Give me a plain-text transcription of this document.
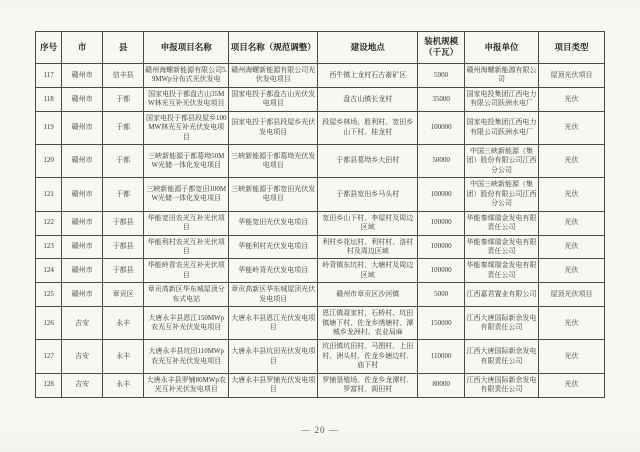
序号	市	县	申报项目名称	项目名称（规范调整）	建设地点	装机规模（千瓦）	申报单位	项目类型
117	赣州市	信丰县	赣州海螺新能源有限公司5.9MWp分布式光伏发电	赣州海螺新能源有限公司光伏发电项目	西牛镇上龙村石古嵛矿区	5900	赣州海螺新能源有限公司	屋顶光伏项目
118	赣州市	于都	国家电投于都盘古山35MW林光互补光伏发电项目	国家电投于都盘古山光伏发电项目	盘古山镇长龙村	35000	国家电投集团江西电力有限公司跃洲水电厂	光伏
119	赣州市	于都	国家电投于都县段屋乡100MW林光互补光伏发电项目	国家电投于都县段屋乡光伏发电项目	段屋乡林场、胜利村、宽田乡山下村、桂龙村	100000	国家电投集团江西电力有限公司跃洲水电厂	光伏
120	赣州市	于都	三峡新能源于都葛坳50MW光储一体化发电项目	三峡新能源于都葛坳光伏发电项目	于都县葛坳乡大田村	50000	中国三峡新能源（集团）股份有限公司江西分公司	光伏
121	赣州市	于都	三峡新能源于都宽田100MW光储一体化发电项目	三峡新能源于都宽田光伏发电项目	于都县宽田乡马头村	100000	中国三峡新能源（集团）股份有限公司江西分公司	光伏
122	赣州市	于都县	华能宽田农光互补光伏项目	华能宽田光伏发电项目	宽田乡山下村、李屋村及周边区域	100000	华能秦煤瑞金发电有限责任公司	光伏
123	赣州市	于都县	华能利村农光互补光伏项目	华能利村光伏发电项目	利村乡花坛村、利村村、洛村村及周边区域	100000	华能秦煤瑞金发电有限责任公司	光伏
124	赣州市	于都县	华能岭背农光互补光伏项目	华能岭背光伏发电项目	岭背镇东坑村、大塘村及周边区域	100000	华能秦煤瑞金发电有限责任公司	光伏
125	赣州市	章贡区	章贡高新区华东城屋顶分布式电站	章贡高新区华东城屋顶光伏发电项目	赣州市章贡区沙河镇	5000	江西嘉君置业有限公司	屋顶光伏项目
126	吉安	永丰	大唐永丰县恩江150MWp农光互补光伏发电项目	大唐永丰县恩江光伏发电项目	恩江镇聂家村、石桥村、坑田镇塘下村、佐龙乡绣塘村、潭城乡龙洲村、农业局麻	150000	江西大唐国际新余发电有限责任公司	光伏
127	吉安	永丰	大唐永丰县坑田110MWp农光互补光伏发电项目	大唐永丰县坑田光伏发电项目	坑田镇坑田村、马围村、上田村、洲头村、佐龙乡塘边村、庙下村	110000	江西大唐国际新余发电有限责任公司	光伏
128	吉安	永丰	大唐永丰县罗铺80MWp农光互补光伏发电项目	大唐永丰县罗铺光伏发电项目	罗铺垦殖场、佐龙乡龙潭村、罗富村、阁田村	80000	江西大唐国际新余发电有限责任公司	光伏
— 20 —
